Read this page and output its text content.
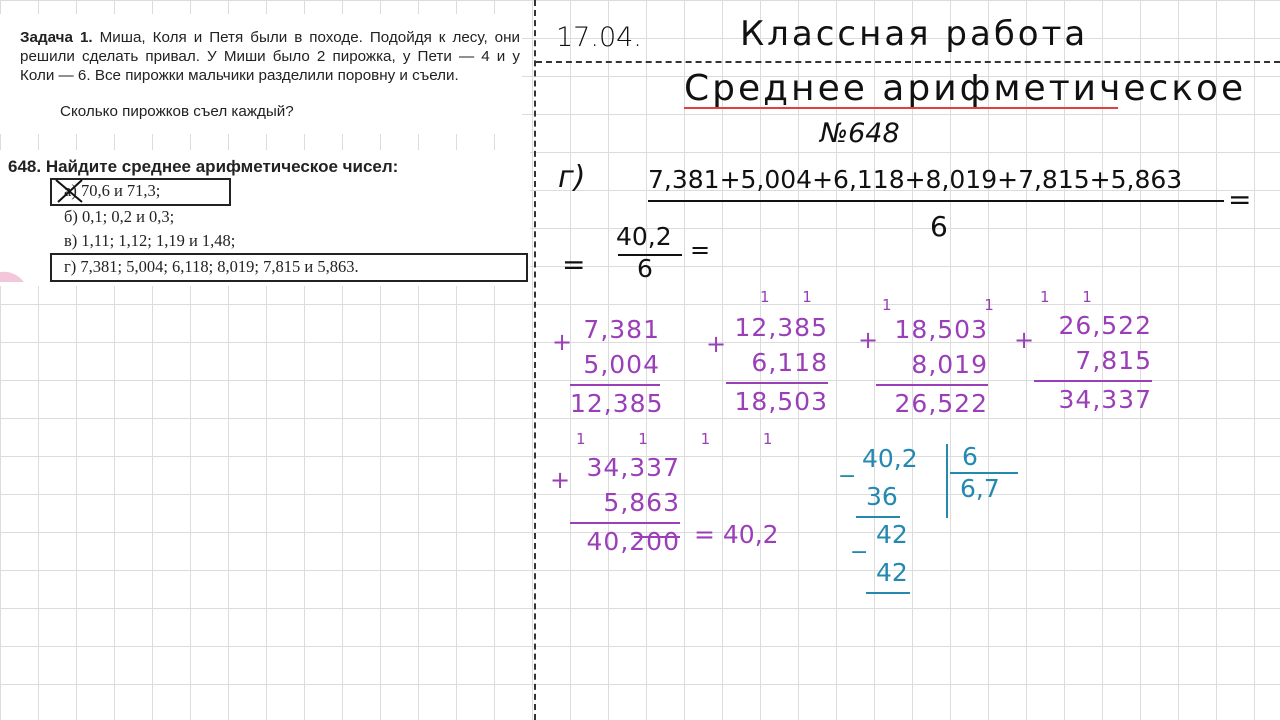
Задача 1. Миша, Коля и Петя были в походе. Подойдя к лесу, они решили сделать привал. У Миши было 2 пирожка, у Пети — 4 и у Коли — 6. Все пирожки мальчики разделили поровну и съели.
Сколько пирожков съел каждый?
648. Найдите среднее арифметическое чисел:
а) 70,6 и 71,3;
б) 0,1; 0,2 и 0,3;
в) 1,11; 1,12; 1,19 и 1,48;
г) 7,381; 5,004; 6,118; 8,019; 7,815 и 5,863.
17.04.	Классная работа
Среднее арифметическое
№648
г)	7,381+5,004+6,118+8,019+7,815+5,863
=
6
=
40,2
6
=
+ 7,381
5,004
12,385
1 1
+
12,385
6,118
18,503
1 1
+ 18,503
8,019
26,522
1 1
+ 26,522
7,815
34,337
1 1 1 1
+ 34,337
5,863
40,200 = 40,2
40,2 6
6,7
−
36
42
−
42
